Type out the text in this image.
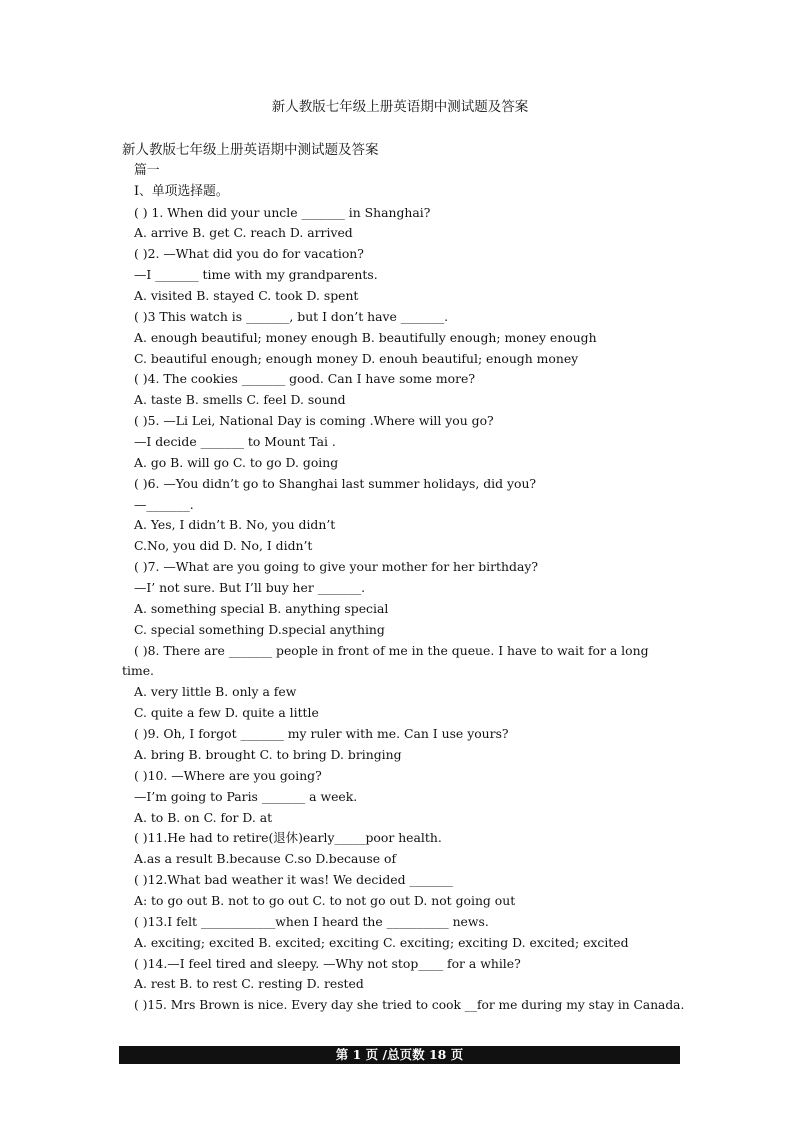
新人教版七年级上册英语期中测试题及答案
新人教版七年级上册英语期中测试题及答案
篇一
Ⅰ、单项选择题。
( ) 1. When did your uncle _______ in Shanghai?
A. arrive B. get C. reach D. arrived
( )2. —What did you do for vacation?
—I _______ time with my grandparents.
A. visited B. stayed C. took D. spent
( )3 This watch is _______, but I don’t have _______.
A. enough beautiful; money enough B. beautifully enough; money enough
C. beautiful enough; enough money D. enouh beautiful; enough money
( )4. The cookies _______ good. Can I have some more?
A. taste B. smells C. feel D. sound
( )5. —Li Lei, National Day is coming .Where will you go?
—I decide _______ to Mount Tai .
A. go B. will go C. to go D. going
( )6. —You didn’t go to Shanghai last summer holidays, did you?
—_______.
A. Yes, I didn’t B. No, you didn’t
C.No, you did D. No, I didn’t
( )7. —What are you going to give your mother for her birthday?
—I’ not sure. But I’ll buy her _______.
A. something special B. anything special
C. special something D.special anything
( )8. There are _______ people in front of me in the queue. I have to wait for a long
time.
A. very little B. only a few
C. quite a few D. quite a little
( )9. Oh, I forgot _______ my ruler with me. Can I use yours?
A. bring B. brought C. to bring D. bringing
( )10. —Where are you going?
—I’m going to Paris _______ a week.
A. to B. on C. for D. at
( )11.He had to retire(退休)early_____poor health.
A.as a result B.because C.so D.because of
( )12.What bad weather it was! We decided _______
A: to go out B. not to go out C. to not go out D. not going out
( )13.I felt ____________when I heard the __________ news.
A. exciting; excited B. excited; exciting C. exciting; exciting D. excited; excited
( )14.—I feel tired and sleepy. —Why not stop____ for a while?
A. rest B. to rest C. resting D. rested
( )15. Mrs Brown is nice. Every day she tried to cook __for me during my stay in Canada.
第 1 页 /总页数 18 页
